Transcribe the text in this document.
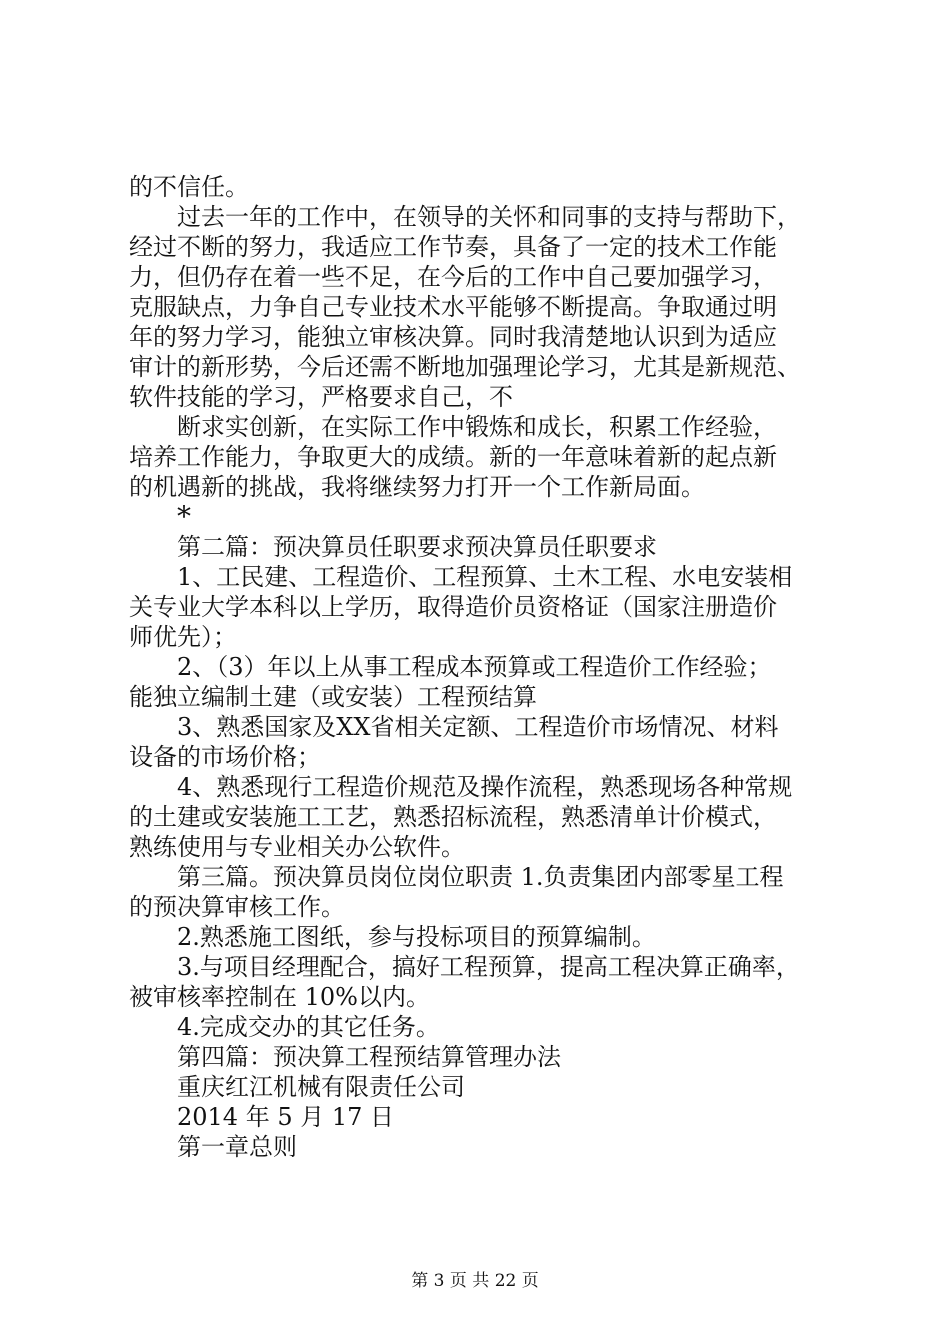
的不信任。
过去一年的工作中，在领导的关怀和同事的支持与帮助下，
经过不断的努力，我适应工作节奏，具备了一定的技术工作能
力，但仍存在着一些不足，在今后的工作中自己要加强学习，
克服缺点，力争自己专业技术水平能够不断提高。争取通过明
年的努力学习，能独立审核决算。同时我清楚地认识到为适应
审计的新形势，今后还需不断地加强理论学习，尤其是新规范、
软件技能的学习，严格要求自己，不
断求实创新，在实际工作中锻炼和成长，积累工作经验，
培养工作能力，争取更大的成绩。新的一年意味着新的起点新
的机遇新的挑战，我将继续努力打开一个工作新局面。
*
第二篇：预决算员任职要求预决算员任职要求
1、工民建、工程造价、工程预算、土木工程、水电安装相
关专业大学本科以上学历，取得造价员资格证（国家注册造价
师优先）；
2、（3）年以上从事工程成本预算或工程造价工作经验；
能独立编制土建（或安装）工程预结算
3、熟悉国家及XX省相关定额、工程造价市场情况、材料
设备的市场价格；
4、熟悉现行工程造价规范及操作流程，熟悉现场各种常规
的土建或安装施工工艺，熟悉招标流程，熟悉清单计价模式，
熟练使用与专业相关办公软件。
第三篇。预决算员岗位岗位职责 1.负责集团内部零星工程
的预决算审核工作。
2.熟悉施工图纸，参与投标项目的预算编制。
3.与项目经理配合，搞好工程预算，提高工程决算正确率，
被审核率控制在 10%以内。
4.完成交办的其它任务。
第四篇：预决算工程预结算管理办法
重庆红江机械有限责任公司
2014 年 5 月 17 日
第一章总则
第 3 页 共 22 页
